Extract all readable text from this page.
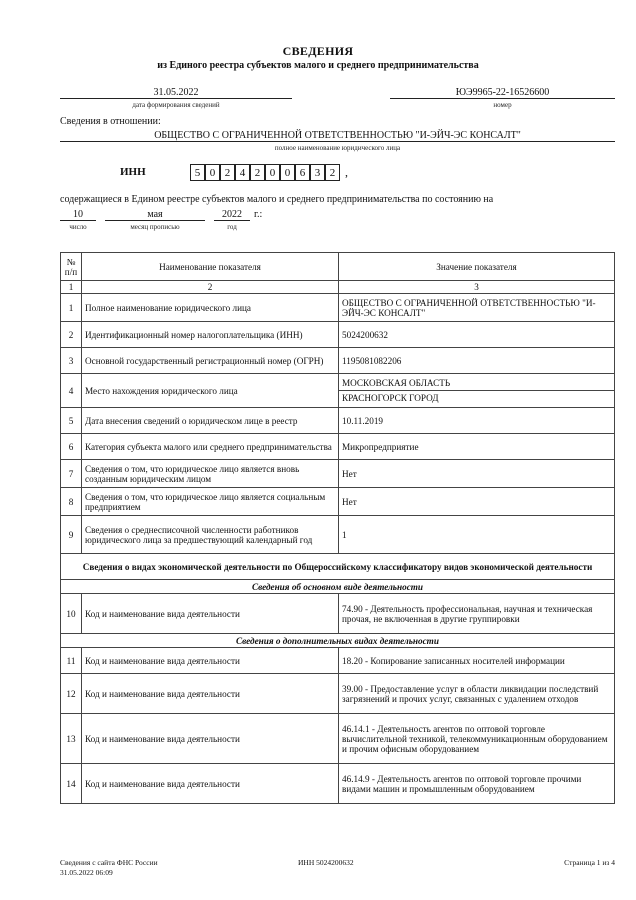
СВЕДЕНИЯ
из Единого реестра субъектов малого и среднего предпринимательства
31.05.2022
дата формирования сведений
ЮЭ9965-22-16526600
номер
Сведения в отношении:
ОБЩЕСТВО С ОГРАНИЧЕННОЙ ОТВЕТСТВЕННОСТЬЮ "И-ЭЙЧ-ЭС КОНСАЛТ"
полное наименование юридического лица
ИНН	5 0 2 4 2 0 0 6 3 2 ,
содержащиеся в Едином реестре субъектов малого и среднего предпринимательства по состоянию на
10
число
мая
месяц прописью
2022	г.:
год
№
п/п	Наименование показателя	Значение показателя
1	2	3
1	Полное наименование юридического лица	ОБЩЕСТВО С ОГРАНИЧЕННОЙ ОТВЕТСТВЕННОСТЬЮ "И-ЭЙЧ-ЭС КОНСАЛТ"
2	Идентификационный номер налогоплательщика (ИНН)	5024200632
3	Основной государственный регистрационный номер (ОГРН)	1195081082206
4	Место нахождения юридического лица	МОСКОВСКАЯ ОБЛАСТЬ
КРАСНОГОРСК ГОРОД

5	Дата внесения сведений о юридическом лице в реестр	10.11.2019
6	Категория субъекта малого или среднего предпринимательства	Микропредприятие
7	Сведения о том, что юридическое лицо является вновь созданным юридическим лицом	Нет
8	Сведения о том, что юридическое лицо является социальным предприятием	Нет
9	Сведения о среднесписочной численности работников юридического лица за предшествующий календарный год	1
Сведения о видах экономической деятельности по Общероссийскому классификатору видов экономической деятельности		
Сведения об основном виде деятельности		
10	Код и наименование вида деятельности	74.90 - Деятельность профессиональная, научная и техническая прочая, не включенная в другие группировки
Сведения о дополнительных видах деятельности		
11	Код и наименование вида деятельности	18.20 - Копирование записанных носителей информации
12	Код и наименование вида деятельности	39.00 - Предоставление услуг в области ликвидации последствий загрязнений и прочих услуг, связанных с удалением отходов
13	Код и наименование вида деятельности	46.14.1 - Деятельность агентов по оптовой торговле вычислительной техникой, телекоммуникационным оборудованием и прочим офисным оборудованием
14	Код и наименование вида деятельности	46.14.9 - Деятельность агентов по оптовой торговле прочими видами машин и промышленным оборудованием
Сведения с сайта ФНС России
31.05.2022 06:09
ИНН 5024200632	Страница 1 из 4
